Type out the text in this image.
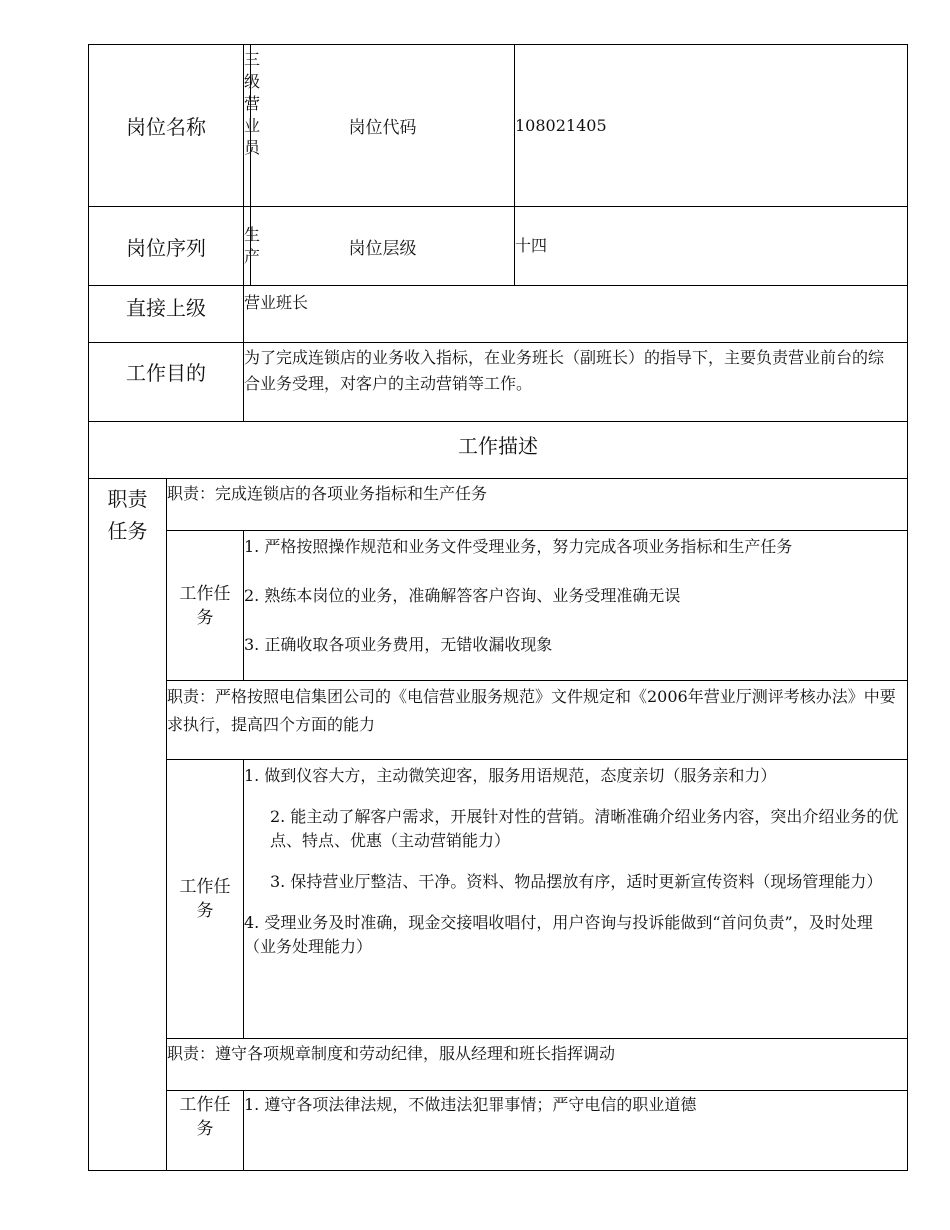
岗位名称		三级营业员	岗位代码	108021405
岗位序列		生产	岗位层级	十四
直接上级		营业班长		
工作目的		为了完成连锁店的业务收入指标，在业务班长（副班长）的指导下，主要负责营业前台的综合业务受理，对客户的主动营销等工作。		
工作描述				
职责任务	职责：完成连锁店的各项业务指标和生产任务			
	工作任务	1. 严格按照操作规范和业务文件受理业务，努力完成各项业务指标和生产任务

2. 熟练本岗位的业务，准确解答客户咨询、业务受理准确无误

3. 正确收取各项业务费用，无错收漏收现象		

	职责：严格按照电信集团公司的《电信营业服务规范》文件规定和《2006年营业厅测评考核办法》中要求执行，提高四个方面的能力			
	工作任务	1. 做到仪容大方，主动微笑迎客，服务用语规范，态度亲切（服务亲和力）

2. 能主动了解客户需求，开展针对性的营销。清晰准确介绍业务内容，突出介绍业务的优点、特点、优惠（主动营销能力）

3. 保持营业厅整洁、干净。资料、物品摆放有序，适时更新宣传资料（现场管理能力）

4. 受理业务及时准确，现金交接唱收唱付，用户咨询与投诉能做到“首问负责”，及时处理（业务处理能力）		

	职责：遵守各项规章制度和劳动纪律，服从经理和班长指挥调动			
	工作任务	1. 遵守各项法律法规，不做违法犯罪事情；严守电信的职业道德		
